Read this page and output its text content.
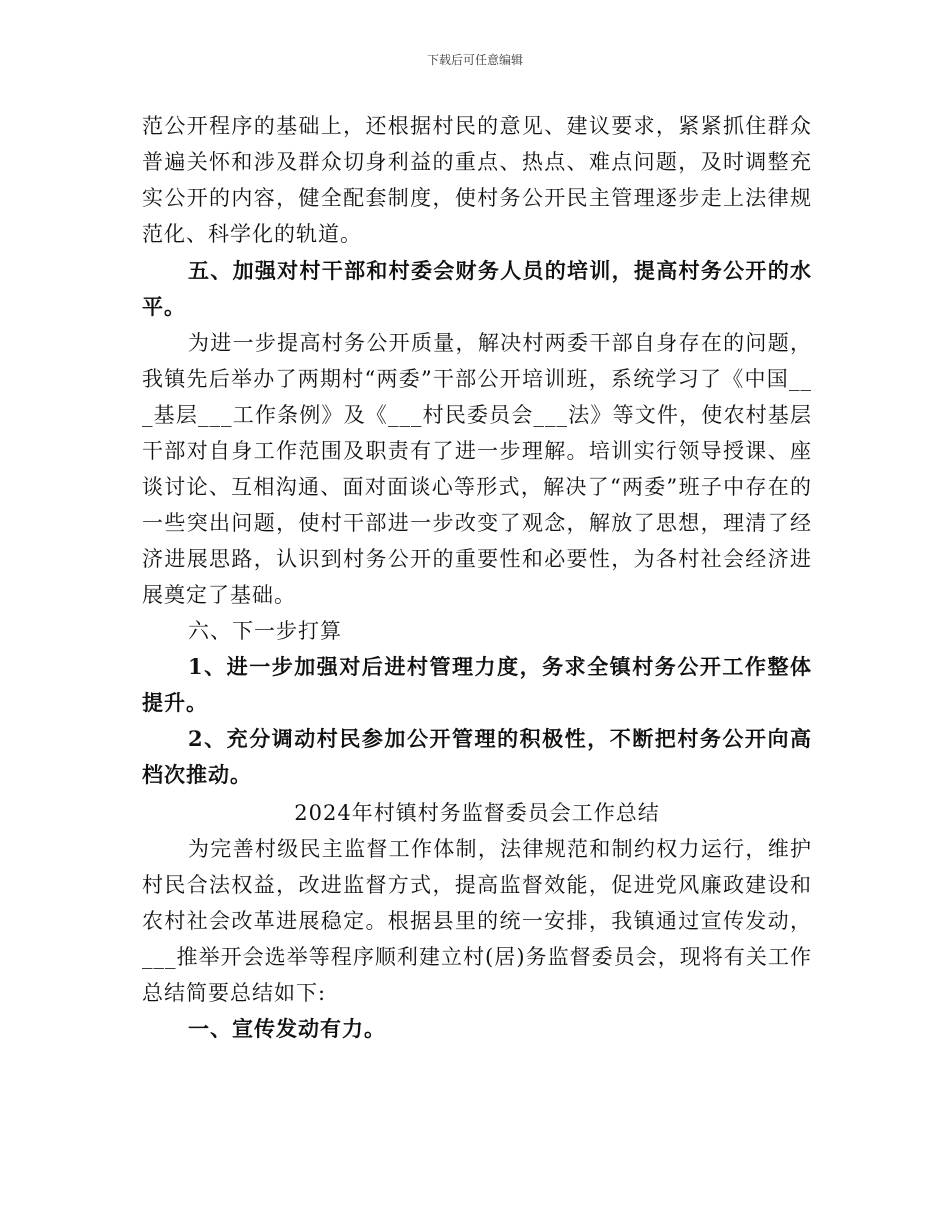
下载后可任意编辑

范公开程序的基础上，还根据村民的意见、建议要求，紧紧抓住群众普遍关怀和涉及群众切身利益的重点、热点、难点问题，及时调整充实公开的内容，健全配套制度，使村务公开民主管理逐步走上法律规范化、科学化的轨道。

五、加强对村干部和村委会财务人员的培训，提高村务公开的水平。

为进一步提高村务公开质量，解决村两委干部自身存在的问题，我镇先后举办了两期村“两委”干部公开培训班，系统学习了《中国___基层___工作条例》及《___村民委员会___法》等文件，使农村基层干部对自身工作范围及职责有了进一步理解。培训实行领导授课、座谈讨论、互相沟通、面对面谈心等形式，解决了“两委”班子中存在的一些突出问题，使村干部进一步改变了观念，解放了思想，理清了经济进展思路，认识到村务公开的重要性和必要性，为各村社会经济进展奠定了基础。

六、下一步打算

1、进一步加强对后进村管理力度，务求全镇村务公开工作整体提升。

2、充分调动村民参加公开管理的积极性，不断把村务公开向高档次推动。

2024年村镇村务监督委员会工作总结

为完善村级民主监督工作体制，法律规范和制约权力运行，维护村民合法权益，改进监督方式，提高监督效能，促进党风廉政建设和农村社会改革进展稳定。根据县里的统一安排，我镇通过宣传发动，___推举开会选举等程序顺利建立村(居)务监督委员会，现将有关工作总结简要总结如下:

一、宣传发动有力。
